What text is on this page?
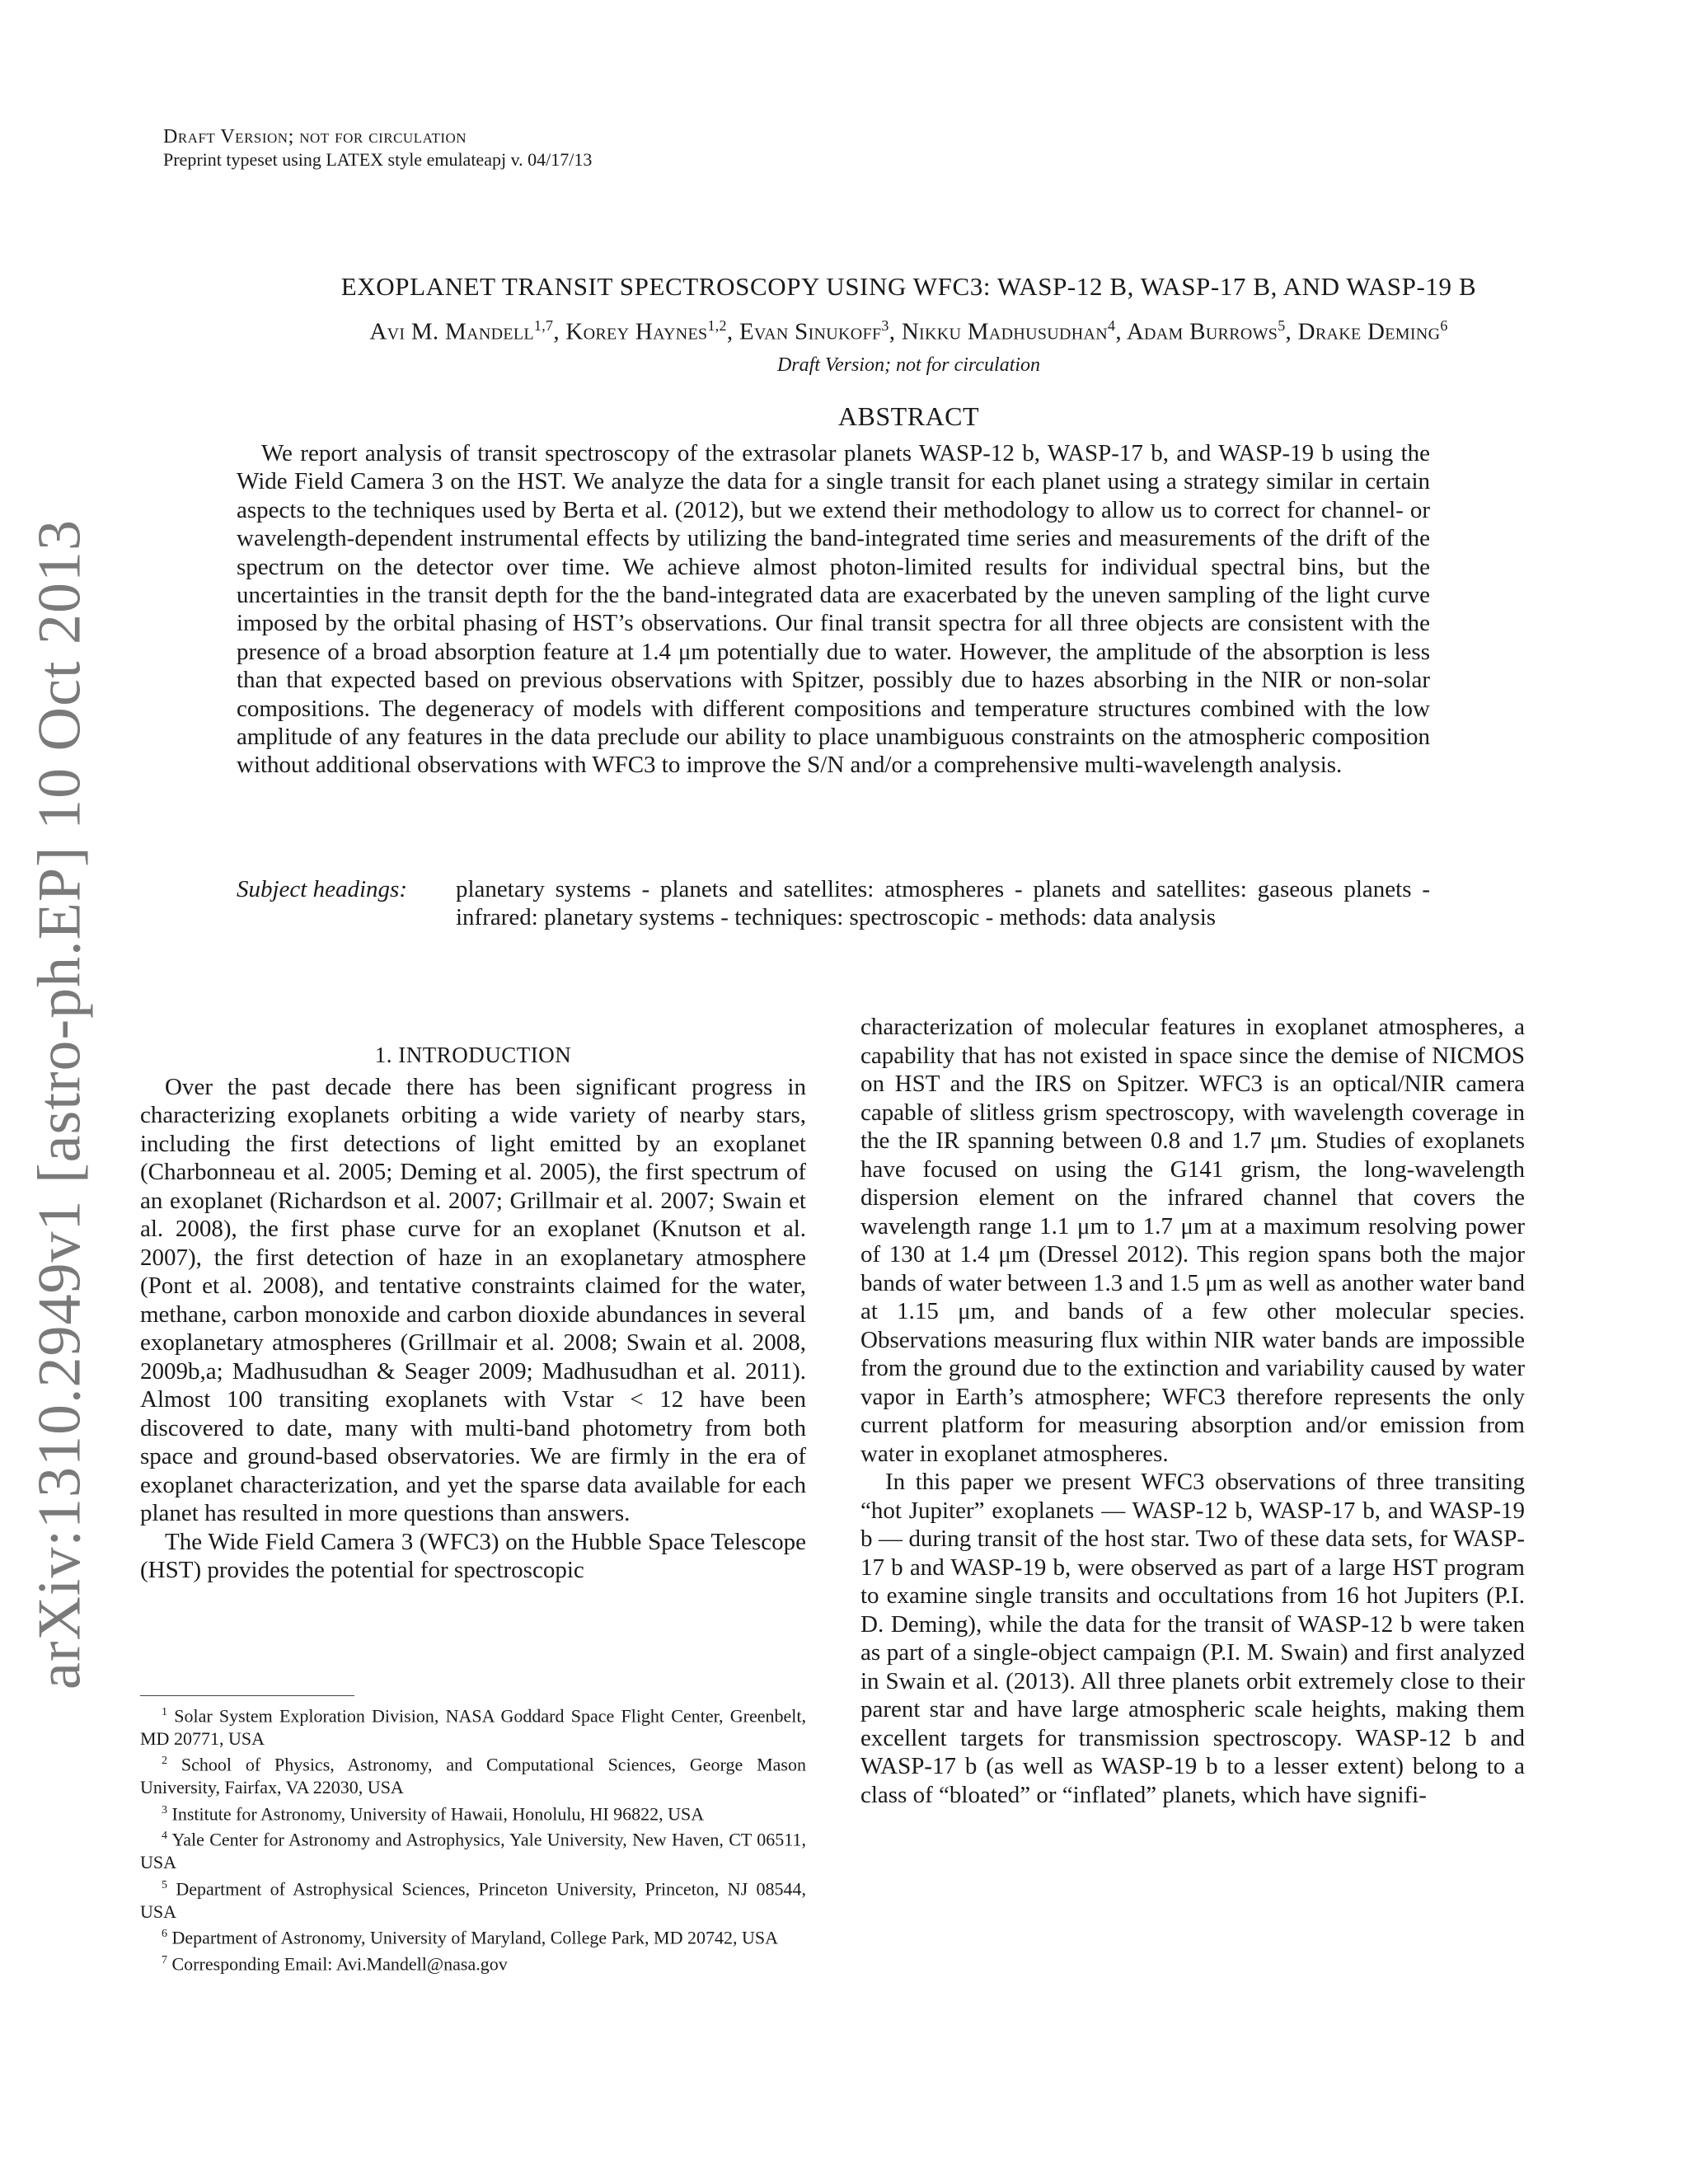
arXiv:1310.2949v1 [astro-ph.EP] 10 Oct 2013
Draft Version; not for circulation
Preprint typeset using LATEX style emulateapj v. 04/17/13
EXOPLANET TRANSIT SPECTROSCOPY USING WFC3: WASP-12 B, WASP-17 B, AND WASP-19 B
Avi M. Mandell$^{1,7}$, Korey Haynes$^{1,2}$, Evan Sinukoff$^3$, Nikku Madhusudhan$^4$, Adam Burrows$^5$, Drake Deming$^6$
Draft Version; not for circulation
ABSTRACT

We report analysis of transit spectroscopy of the extrasolar planets WASP-12 b, WASP-17 b, and WASP-19 b using the Wide Field Camera 3 on the HST. We analyze the data for a single transit for each planet using a strategy similar in certain aspects to the techniques used by Berta et al. (2012), but we extend their methodology to allow us to correct for channel- or wavelength-dependent instrumental effects by utilizing the band-integrated time series and measurements of the drift of the spectrum on the detector over time. We achieve almost photon-limited results for individual spectral bins, but the uncertainties in the transit depth for the the band-integrated data are exacerbated by the uneven sampling of the light curve imposed by the orbital phasing of HST’s observations. Our final transit spectra for all three objects are consistent with the presence of a broad absorption feature at 1.4 μm potentially due to water. However, the amplitude of the absorption is less than that expected based on previous observations with Spitzer, possibly due to hazes absorbing in the NIR or non-solar compositions. The degeneracy of models with different compositions and temperature structures combined with the low amplitude of any features in the data preclude our ability to place unambiguous constraints on the atmospheric composition without additional observations with WFC3 to improve the S/N and/or a comprehensive multi-wavelength analysis.

Subject headings: planetary systems - planets and satellites: atmospheres - planets and satellites: gaseous planets - infrared: planetary systems - techniques: spectroscopic - methods: data analysis
1. INTRODUCTION

Over the past decade there has been significant progress in characterizing exoplanets orbiting a wide variety of nearby stars, including the first detections of light emitted by an exoplanet (Charbonneau et al. 2005; Deming et al. 2005), the first spectrum of an exoplanet (Richardson et al. 2007; Grillmair et al. 2007; Swain et al. 2008), the first phase curve for an exoplanet (Knutson et al. 2007), the first detection of haze in an exoplanetary atmosphere (Pont et al. 2008), and tentative constraints claimed for the water, methane, carbon monoxide and carbon dioxide abundances in several exoplanetary atmospheres (Grillmair et al. 2008; Swain et al. 2008, 2009b,a; Madhusudhan & Seager 2009; Madhusudhan et al. 2011). Almost 100 transiting exoplanets with Vstar < 12 have been discovered to date, many with multi-band photometry from both space and ground-based observatories. We are firmly in the era of exoplanet characterization, and yet the sparse data available for each planet has resulted in more questions than answers.

The Wide Field Camera 3 (WFC3) on the Hubble Space Telescope (HST) provides the potential for spectroscopic

characterization of molecular features in exoplanet atmospheres, a capability that has not existed in space since the demise of NICMOS on HST and the IRS on Spitzer. WFC3 is an optical/NIR camera capable of slitless grism spectroscopy, with wavelength coverage in the the IR spanning between 0.8 and 1.7 μm. Studies of exoplanets have focused on using the G141 grism, the long-wavelength dispersion element on the infrared channel that covers the wavelength range 1.1 μm to 1.7 μm at a maximum resolving power of 130 at 1.4 μm (Dressel 2012). This region spans both the major bands of water between 1.3 and 1.5 μm as well as another water band at 1.15 μm, and bands of a few other molecular species. Observations measuring flux within NIR water bands are impossible from the ground due to the extinction and variability caused by water vapor in Earth’s atmosphere; WFC3 therefore represents the only current platform for measuring absorption and/or emission from water in exoplanet atmospheres.

In this paper we present WFC3 observations of three transiting “hot Jupiter” exoplanets — WASP-12 b, WASP-17 b, and WASP-19 b — during transit of the host star. Two of these data sets, for WASP-17 b and WASP-19 b, were observed as part of a large HST program to examine single transits and occultations from 16 hot Jupiters (P.I. D. Deming), while the data for the transit of WASP-12 b were taken as part of a single-object campaign (P.I. M. Swain) and first analyzed in Swain et al. (2013). All three planets orbit extremely close to their parent star and have large atmospheric scale heights, making them excellent targets for transmission spectroscopy. WASP-12 b and WASP-17 b (as well as WASP-19 b to a lesser extent) belong to a class of “bloated” or “inflated” planets, which have signifi-

$^1$ Solar System Exploration Division, NASA Goddard Space Flight Center, Greenbelt, MD 20771, USA

$^2$ School of Physics, Astronomy, and Computational Sciences, George Mason University, Fairfax, VA 22030, USA

$^3$ Institute for Astronomy, University of Hawaii, Honolulu, HI 96822, USA

$^4$ Yale Center for Astronomy and Astrophysics, Yale University, New Haven, CT 06511, USA

$^5$ Department of Astrophysical Sciences, Princeton University, Princeton, NJ 08544, USA

$^6$ Department of Astronomy, University of Maryland, College Park, MD 20742, USA

$^7$ Corresponding Email: Avi.Mandell@nasa.gov
